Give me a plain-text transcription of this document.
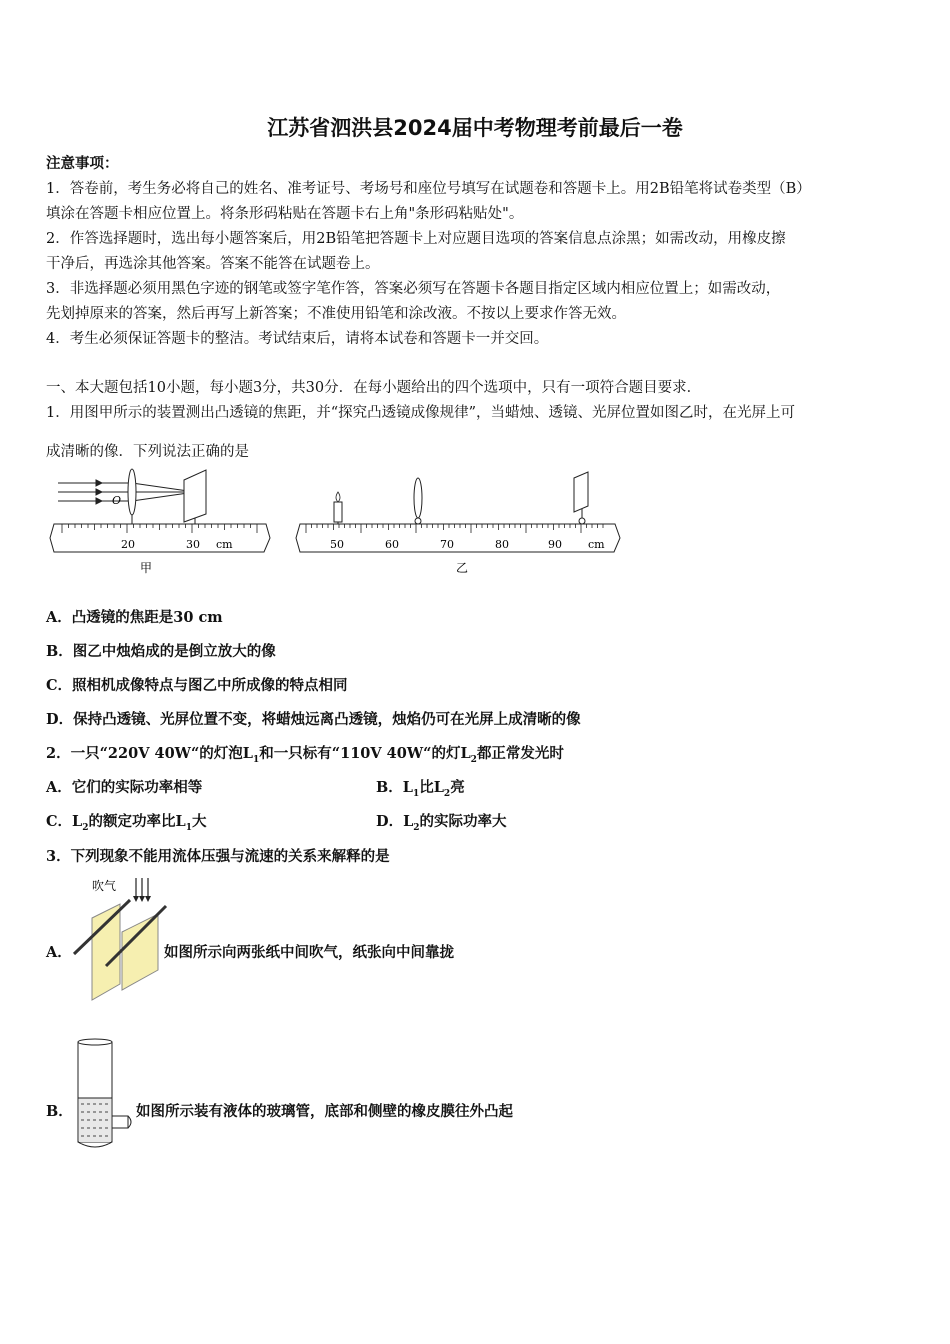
江苏省泗洪县2024届中考物理考前最后一卷
注意事项：
1．答卷前，考生务必将自己的姓名、准考证号、考场号和座位号填写在试题卷和答题卡上。用2B铅笔将试卷类型（B）
填涂在答题卡相应位置上。将条形码粘贴在答题卡右上角"条形码粘贴处"。
2．作答选择题时，选出每小题答案后，用2B铅笔把答题卡上对应题目选项的答案信息点涂黑；如需改动，用橡皮擦
干净后，再选涂其他答案。答案不能答在试题卷上。
3．非选择题必须用黑色字迹的钢笔或签字笔作答，答案必须写在答题卡各题目指定区域内相应位置上；如需改动，
先划掉原来的答案，然后再写上新答案；不准使用铅笔和涂改液。不按以上要求作答无效。
4．考生必须保证答题卡的整洁。考试结束后，请将本试卷和答题卡一并交回。
一、本大题包括10小题，每小题3分，共30分．在每小题给出的四个选项中，只有一项符合题目要求．
1．用图甲所示的装置测出凸透镜的焦距，并“探究凸透镜成像规律”，当蜡烛、透镜、光屏位置如图乙时，在光屏上可
成清晰的像．下列说法正确的是
O
20	30 cm
甲
50	60	70	80	90 cm
乙
A．凸透镜的焦距是30 cm
B．图乙中烛焰成的是倒立放大的像
C．照相机成像特点与图乙中所成像的特点相同
D．保持凸透镜、光屏位置不变，将蜡烛远离凸透镜，烛焰仍可在光屏上成清晰的像
2．一只“220V 40W“的灯泡$L_1$和一只标有“110V 40W“的灯$L_2$都正常发光时
A．它们的实际功率相等	B．$L_1$比$L_2$亮
C．$L_2$的额定功率比$L_1$大	D．$L_2$的实际功率大
3．下列现象不能用流体压强与流速的关系来解释的是
A．
吹气
如图所示向两张纸中间吹气，纸张向中间靠拢
B．	如图所示装有液体的玻璃管，底部和侧壁的橡皮膜往外凸起
